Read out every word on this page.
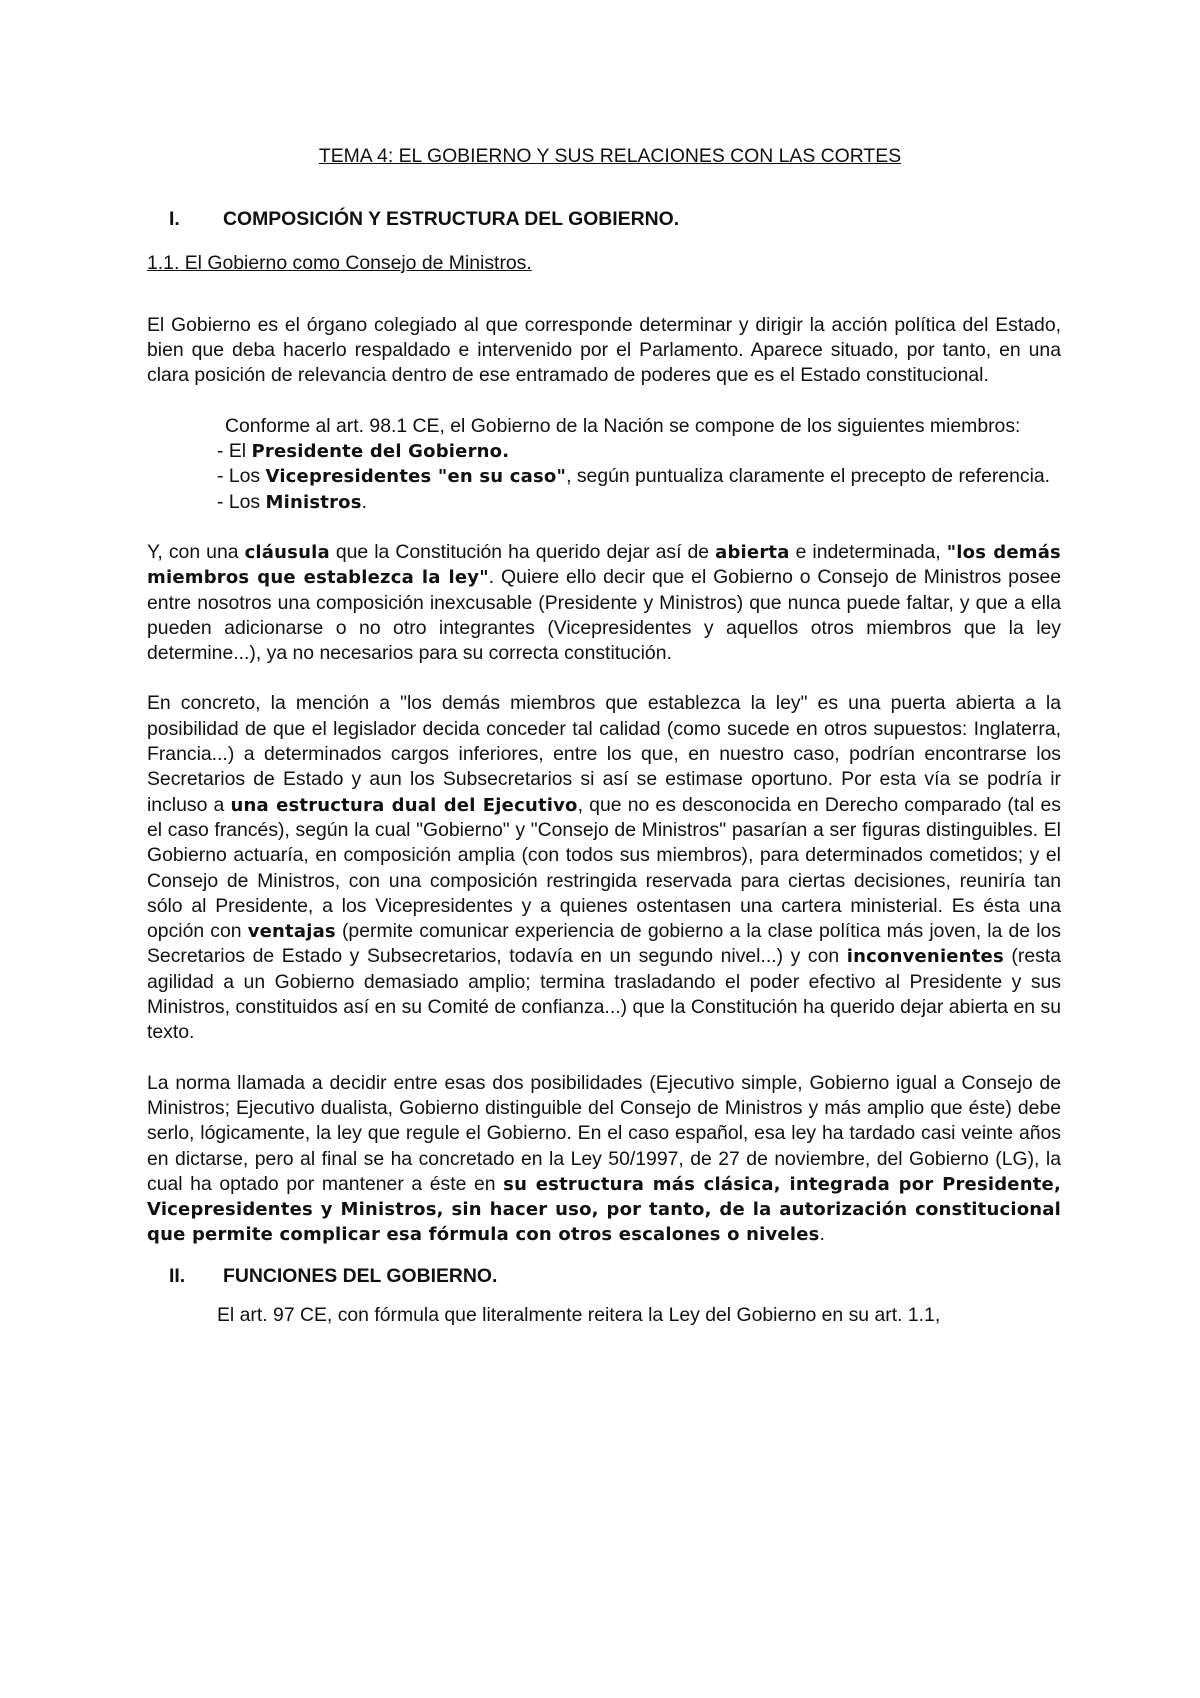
TEMA 4: EL GOBIERNO Y SUS RELACIONES CON LAS CORTES
I.	COMPOSICIÓN Y ESTRUCTURA DEL GOBIERNO.
1.1. El Gobierno como Consejo de Ministros.

El Gobierno es el órgano colegiado al que corresponde determinar y dirigir la acción política del Estado, bien que deba hacerlo respaldado e intervenido por el Parlamento. Aparece situado, por tanto, en una clara posición de relevancia dentro de ese entramado de poderes que es el Estado constitucional.

Conforme al art. 98.1 CE, el Gobierno de la Nación se compone de los siguientes miembros:

- El Presidente del Gobierno.

- Los Vicepresidentes "en su caso", según puntualiza claramente el precepto de referencia.

- Los Ministros.

Y, con una cláusula que la Constitución ha querido dejar así de abierta e indeterminada, "los demás miembros que establezca la ley". Quiere ello decir que el Gobierno o Consejo de Ministros posee entre nosotros una composición inexcusable (Presidente y Ministros) que nunca puede faltar, y que a ella pueden adicionarse o no otro integrantes (Vicepresidentes y aquellos otros miembros que la ley determine...), ya no necesarios para su correcta constitución.

En concreto, la mención a "los demás miembros que establezca la ley" es una puerta abierta a la posibilidad de que el legislador decida conceder tal calidad (como sucede en otros supuestos: Inglaterra, Francia...) a determinados cargos inferiores, entre los que, en nuestro caso, podrían encontrarse los Secretarios de Estado y aun los Subsecretarios si así se estimase oportuno. Por esta vía se podría ir incluso a una estructura dual del Ejecutivo, que no es desconocida en Derecho comparado (tal es el caso francés), según la cual "Gobierno" y "Consejo de Ministros" pasarían a ser figuras distinguibles. El Gobierno actuaría, en composición amplia (con todos sus miembros), para determinados cometidos; y el Consejo de Ministros, con una composición restringida reservada para ciertas decisiones, reuniría tan sólo al Presidente, a los Vicepresidentes y a quienes ostentasen una cartera ministerial. Es ésta una opción con ventajas (permite comunicar experiencia de gobierno a la clase política más joven, la de los Secretarios de Estado y Subsecretarios, todavía en un segundo nivel...) y con inconvenientes (resta agilidad a un Gobierno demasiado amplio; termina trasladando el poder efectivo al Presidente y sus Ministros, constituidos así en su Comité de confianza...) que la Constitución ha querido dejar abierta en su texto.

La norma llamada a decidir entre esas dos posibilidades (Ejecutivo simple, Gobierno igual a Consejo de Ministros; Ejecutivo dualista, Gobierno distinguible del Consejo de Ministros y más amplio que éste) debe serlo, lógicamente, la ley que regule el Gobierno. En el caso español, esa ley ha tardado casi veinte años en dictarse, pero al final se ha concretado en la Ley 50/1997, de 27 de noviembre, del Gobierno (LG), la cual ha optado por mantener a éste en su estructura más clásica, integrada por Presidente, Vicepresidentes y Ministros, sin hacer uso, por tanto, de la autorización constitucional que permite complicar esa fórmula con otros escalones o niveles.

II.	FUNCIONES DEL GOBIERNO.

El art. 97 CE, con fórmula que literalmente reitera la Ley del Gobierno en su art. 1.1,
